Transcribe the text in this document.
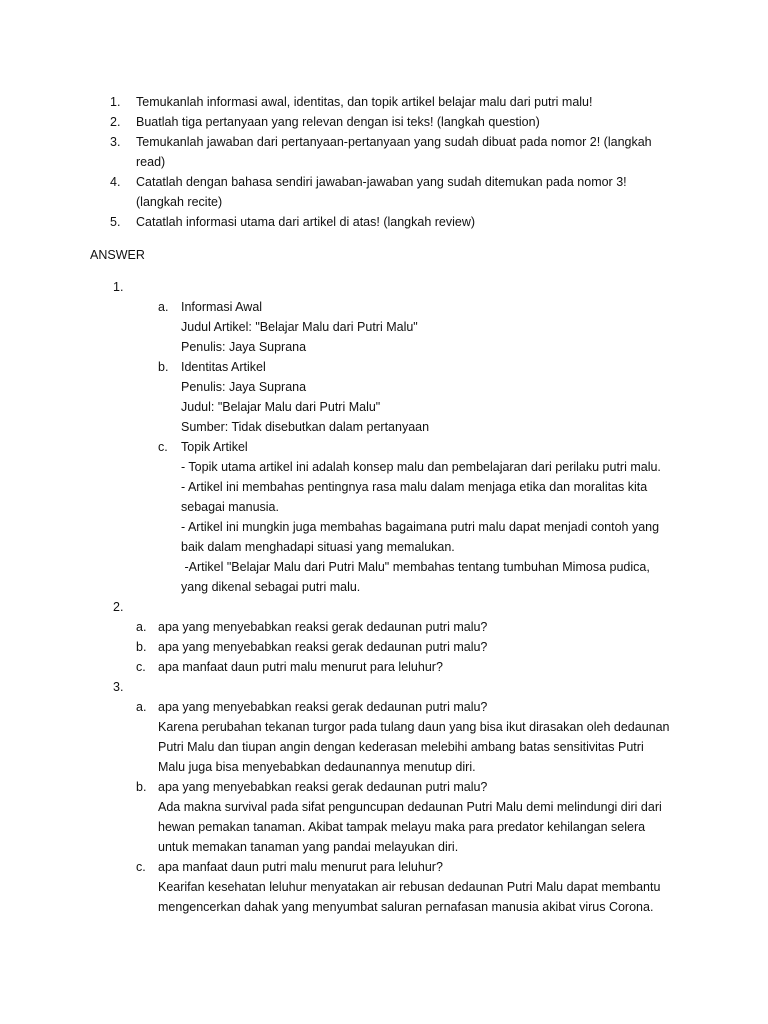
1. Temukanlah informasi awal, identitas, dan topik artikel belajar malu dari putri malu!
2. Buatlah tiga pertanyaan yang relevan dengan isi teks! (langkah question)
3. Temukanlah jawaban dari pertanyaan-pertanyaan yang sudah dibuat pada nomor 2! (langkah
read)
4. Catatlah dengan bahasa sendiri jawaban-jawaban yang sudah ditemukan pada nomor 3!
(langkah recite)
5. Catatlah informasi utama dari artikel di atas! (langkah review)
ANSWER
1.
a. Informasi Awal
Judul Artikel: "Belajar Malu dari Putri Malu"
Penulis: Jaya Suprana
b. Identitas Artikel
Penulis: Jaya Suprana
Judul: "Belajar Malu dari Putri Malu"
Sumber: Tidak disebutkan dalam pertanyaan
c. Topik Artikel
- Topik utama artikel ini adalah konsep malu dan pembelajaran dari perilaku putri malu.
- Artikel ini membahas pentingnya rasa malu dalam menjaga etika dan moralitas kita
sebagai manusia.
- Artikel ini mungkin juga membahas bagaimana putri malu dapat menjadi contoh yang
baik dalam menghadapi situasi yang memalukan.
-Artikel "Belajar Malu dari Putri Malu" membahas tentang tumbuhan Mimosa pudica,
yang dikenal sebagai putri malu.
2.
a. apa yang menyebabkan reaksi gerak dedaunan putri malu?
b. apa yang menyebabkan reaksi gerak dedaunan putri malu?
c. apa manfaat daun putri malu menurut para leluhur?
3.
a. apa yang menyebabkan reaksi gerak dedaunan putri malu?
Karena perubahan tekanan turgor pada tulang daun yang bisa ikut dirasakan oleh dedaunan
Putri Malu dan tiupan angin dengan kederasan melebihi ambang batas sensitivitas Putri
Malu juga bisa menyebabkan dedaunannya menutup diri.
b. apa yang menyebabkan reaksi gerak dedaunan putri malu?
Ada makna survival pada sifat penguncupan dedaunan Putri Malu demi melindungi diri dari
hewan pemakan tanaman. Akibat tampak melayu maka para predator kehilangan selera
untuk memakan tanaman yang pandai melayukan diri.
c. apa manfaat daun putri malu menurut para leluhur?
Kearifan kesehatan leluhur menyatakan air rebusan dedaunan Putri Malu dapat membantu
mengencerkan dahak yang menyumbat saluran pernafasan manusia akibat virus Corona.
